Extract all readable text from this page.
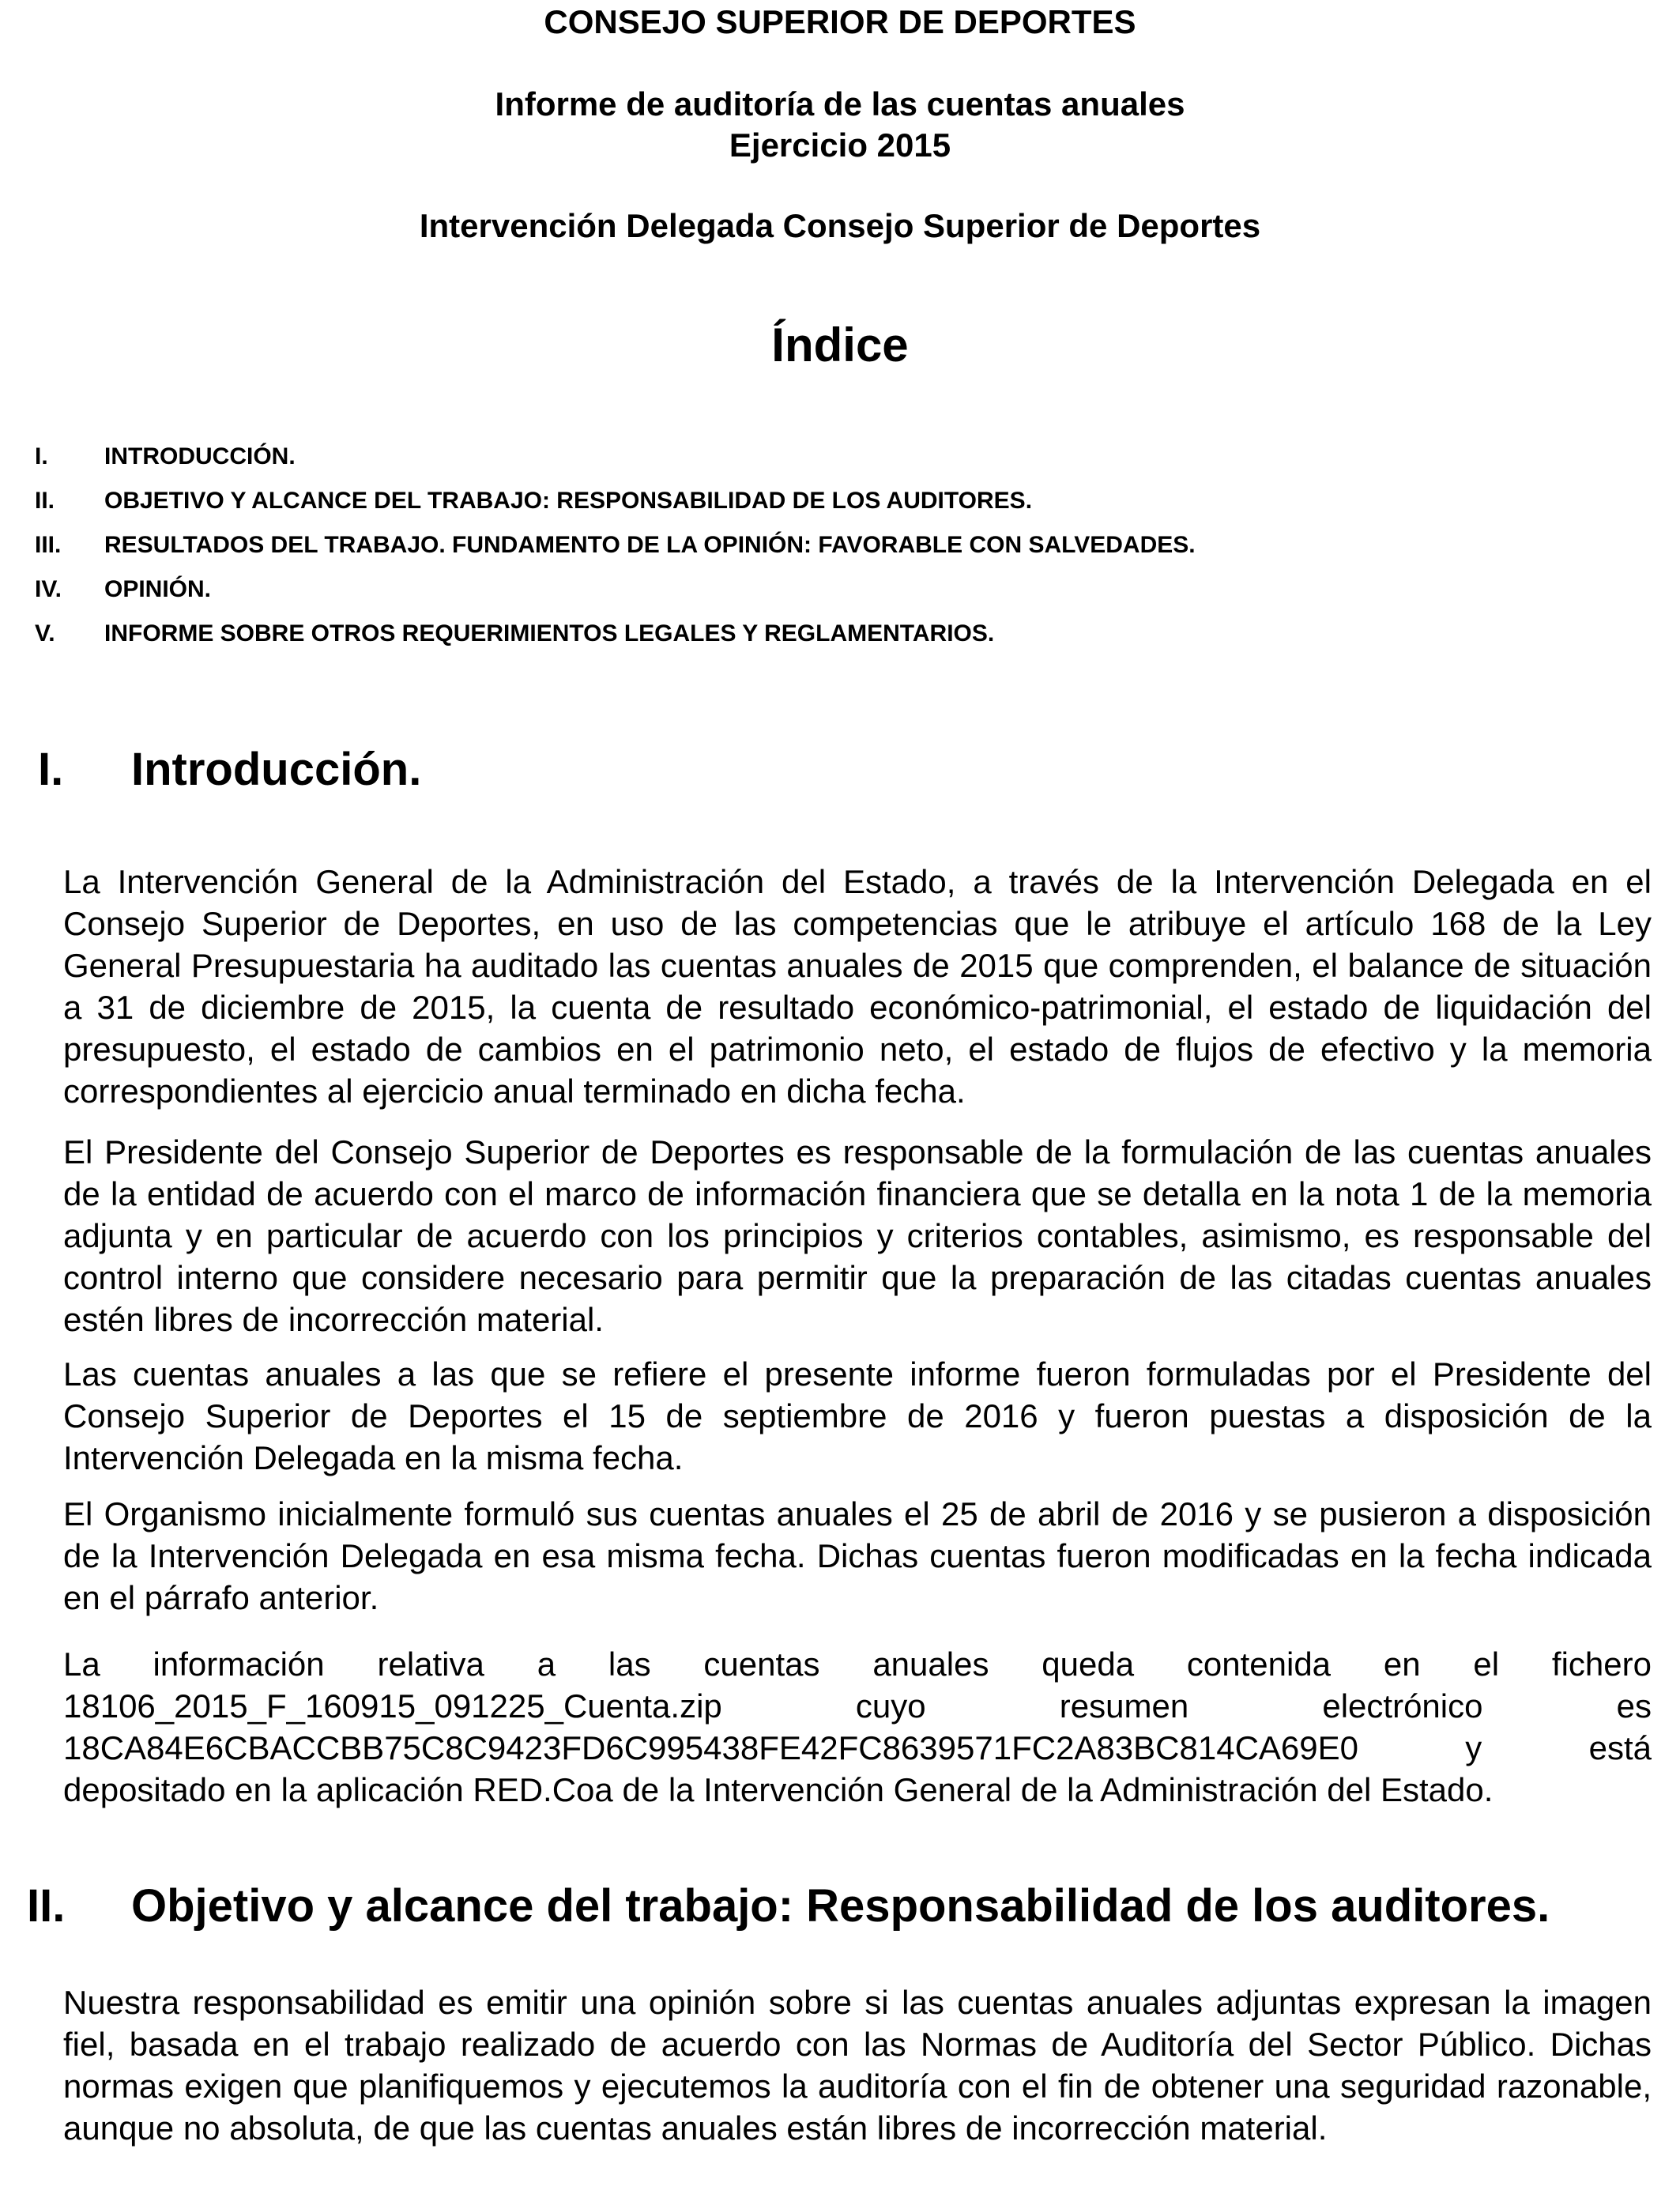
CONSEJO SUPERIOR DE DEPORTES
Informe de auditoría de las cuentas anuales
Ejercicio 2015
Intervención Delegada Consejo Superior de Deportes
Índice
I. INTRODUCCIÓN.
II. OBJETIVO Y ALCANCE DEL TRABAJO: RESPONSABILIDAD DE LOS AUDITORES.
III. RESULTADOS DEL TRABAJO. FUNDAMENTO DE LA OPINIÓN: FAVORABLE CON SALVEDADES.
IV. OPINIÓN.
V. INFORME SOBRE OTROS REQUERIMIENTOS LEGALES Y REGLAMENTARIOS.
I. Introducción.
La Intervención General de la Administración del Estado, a través de la Intervención Delegada en el Consejo Superior de Deportes, en uso de las competencias que le atribuye el artículo 168 de la Ley General Presupuestaria ha auditado las cuentas anuales de 2015 que comprenden, el balance de situación a 31 de diciembre de 2015, la cuenta de resultado económico-patrimonial, el estado de liquidación del presupuesto, el estado de cambios en el patrimonio neto, el estado de flujos de efectivo y la memoria correspondientes al ejercicio anual terminado en dicha fecha.
El Presidente del Consejo Superior de Deportes es responsable de la formulación de las cuentas anuales de la entidad de acuerdo con el marco de información financiera que se detalla en la nota 1 de la memoria adjunta y en particular de acuerdo con los principios y criterios contables, asimismo, es responsable del control interno que considere necesario para permitir que la preparación de las citadas cuentas anuales estén libres de incorrección material.
Las cuentas anuales a las que se refiere el presente informe fueron formuladas por el Presidente del Consejo Superior de Deportes el 15 de septiembre de 2016 y fueron puestas a disposición de la Intervención Delegada en la misma fecha.
El Organismo inicialmente formuló sus cuentas anuales el 25 de abril de 2016 y se pusieron a disposición de la Intervención Delegada en esa misma fecha. Dichas cuentas fueron modificadas en la fecha indicada en el párrafo anterior.
La información relativa a las cuentas anuales queda contenida en el fichero
18106_2015_F_160915_091225_Cuenta.zip cuyo resumen electrónico es
18CA84E6CBACCBB75C8C9423FD6C995438FE42FC8639571FC2A83BC814CA69E0 y está
depositado en la aplicación RED.Coa de la Intervención General de la Administración del Estado.
II. Objetivo y alcance del trabajo: Responsabilidad de los auditores.
Nuestra responsabilidad es emitir una opinión sobre si las cuentas anuales adjuntas expresan la imagen fiel, basada en el trabajo realizado de acuerdo con las Normas de Auditoría del Sector Público. Dichas normas exigen que planifiquemos y ejecutemos la auditoría con el fin de obtener una seguridad razonable, aunque no absoluta, de que las cuentas anuales están libres de incorrección material.
